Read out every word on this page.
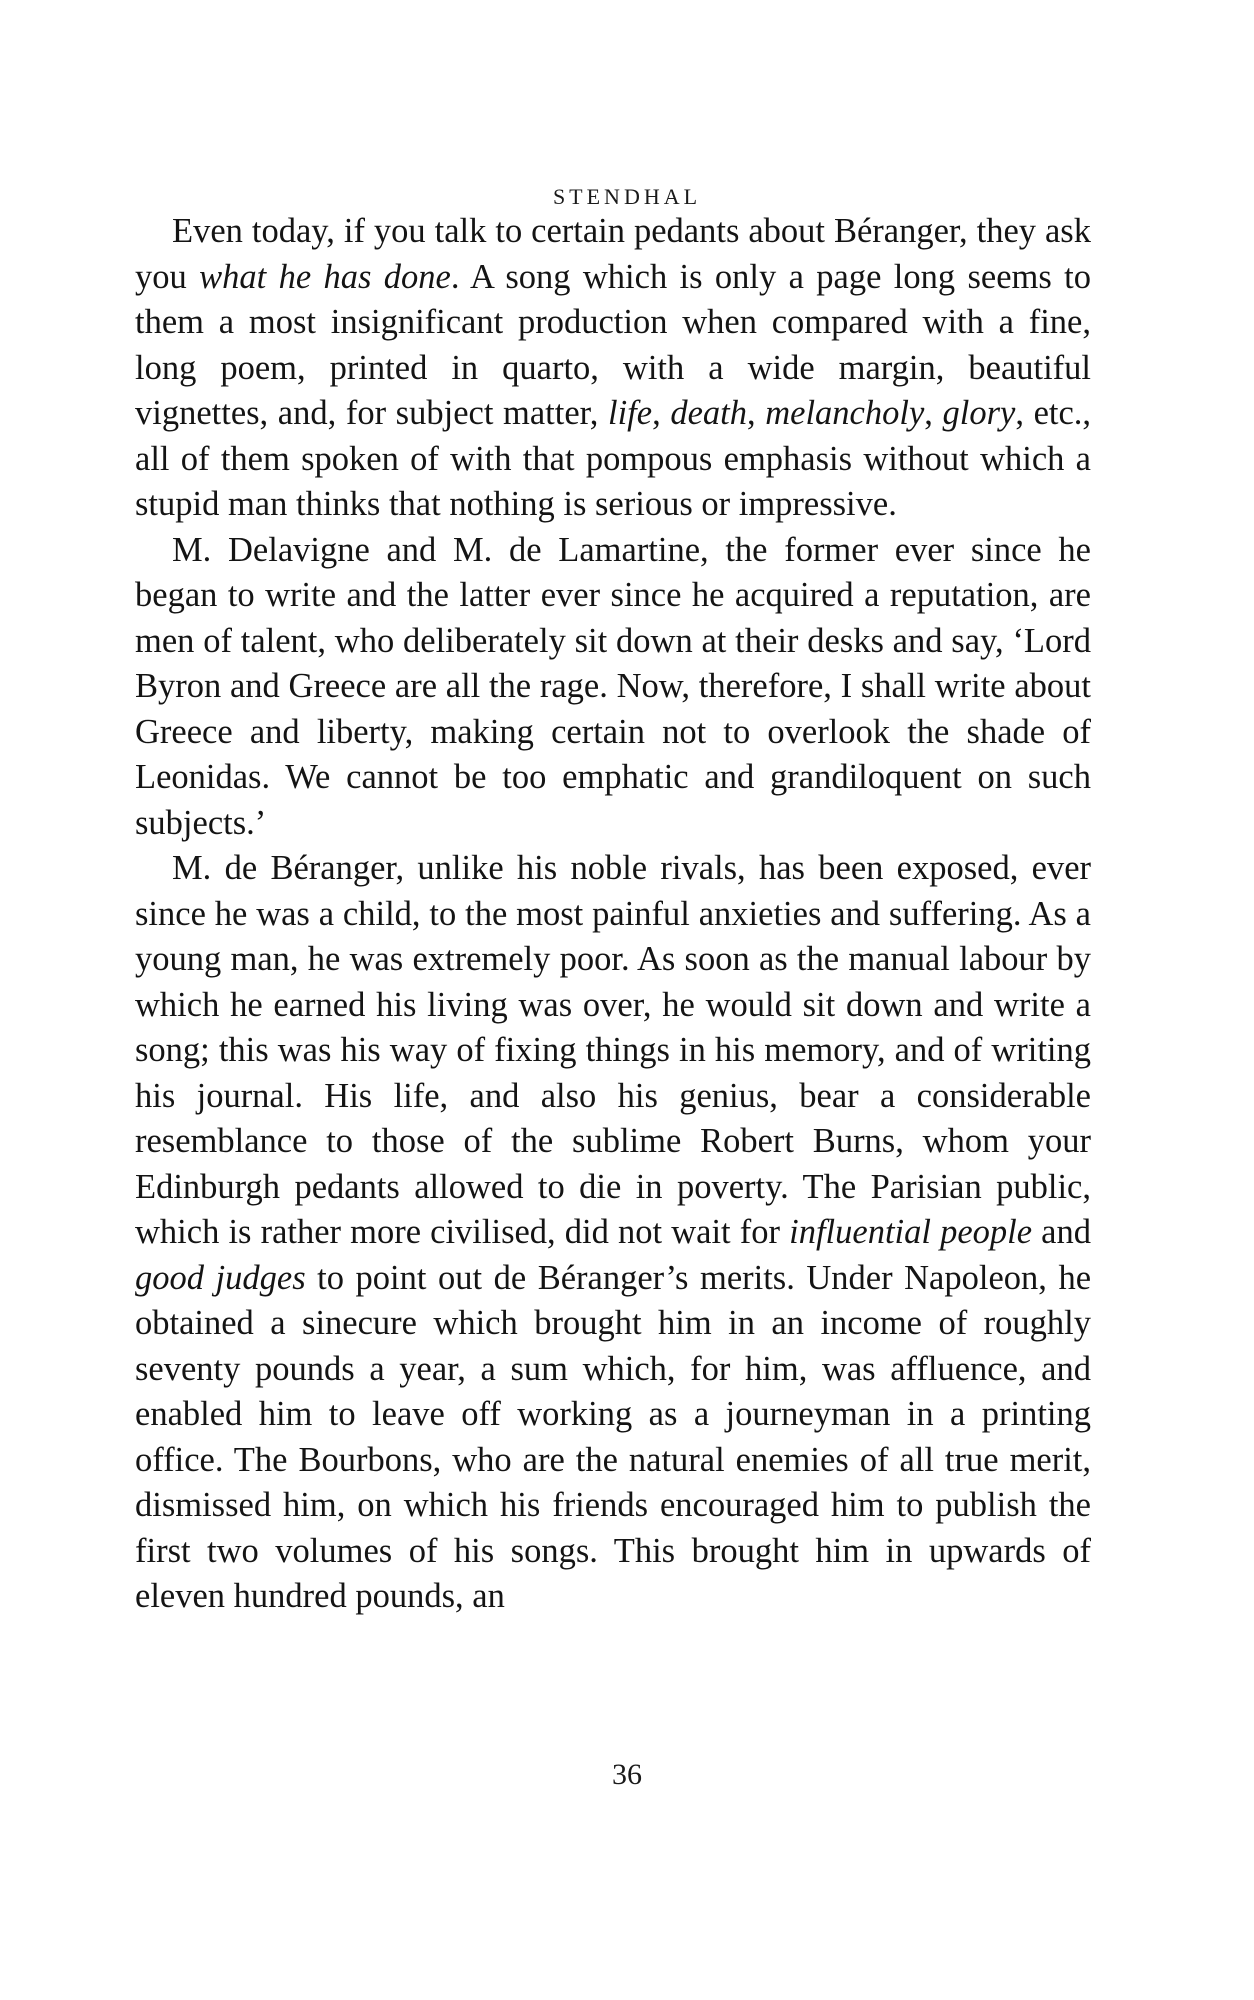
STENDHAL

Even today, if you talk to certain pedants about Béranger, they ask you what he has done. A song which is only a page long seems to them a most insignificant production when compared with a fine, long poem, printed in quarto, with a wide margin, beautiful vignettes, and, for subject matter, life, death, melancholy, glory, etc., all of them spoken of with that pompous emphasis without which a stupid man thinks that nothing is serious or impressive.

M. Delavigne and M. de Lamartine, the former ever since he began to write and the latter ever since he acquired a reputation, are men of talent, who deliberately sit down at their desks and say, ‘Lord Byron and Greece are all the rage. Now, therefore, I shall write about Greece and liberty, making certain not to overlook the shade of Leonidas. We cannot be too emphatic and grandiloquent on such subjects.’

M. de Béranger, unlike his noble rivals, has been exposed, ever since he was a child, to the most painful anxieties and suffering. As a young man, he was extremely poor. As soon as the manual labour by which he earned his living was over, he would sit down and write a song; this was his way of fixing things in his memory, and of writing his journal. His life, and also his genius, bear a considerable resemblance to those of the sublime Robert Burns, whom your Edinburgh pedants allowed to die in poverty. The Parisian public, which is rather more civilised, did not wait for influential people and good judges to point out de Béranger’s merits. Under Napoleon, he obtained a sinecure which brought him in an income of roughly seventy pounds a year, a sum which, for him, was affluence, and enabled him to leave off working as a journeyman in a printing office. The Bourbons, who are the natural enemies of all true merit, dismissed him, on which his friends encouraged him to publish the first two volumes of his songs. This brought him in upwards of eleven hundred pounds, an

36
